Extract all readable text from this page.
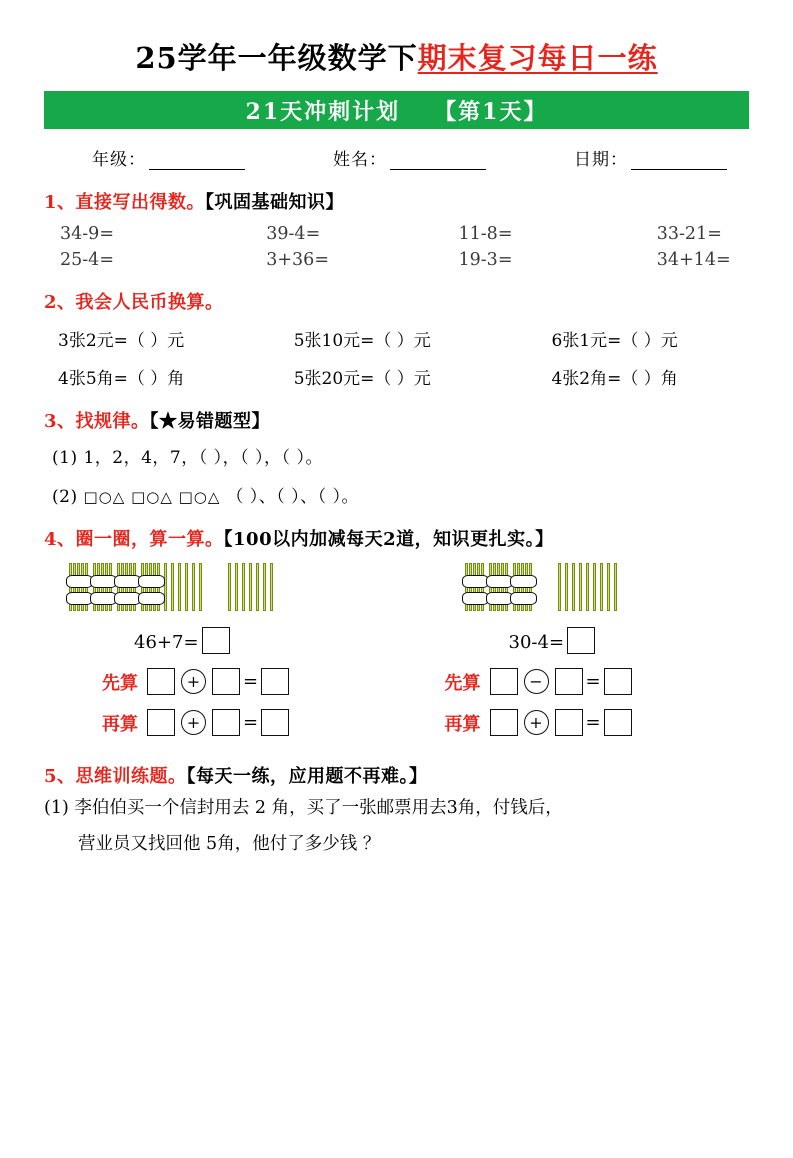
25学年一年级数学下 期末复习每日一练
21天冲刺计划 【第1天】
年级：	姓名：	日期：
1、直接写出得数。【巩固基础知识】
34-9=	39-4=	11-8=	33-21=
25-4=	3+36=	19-3=	34+14=
2、我会人民币换算。
3张2元=（ ）元	5张10元=（ ）元	6张1元=（ ）元
4张5角=（ ）角	5张20元=（ ）元	4张2角=（ ）角
3、找规律。【★易错题型】
(1) 1，2，4，7，（ ），（ ），（ ）。
(2) □○△ □○△ □○△ （ ）、（ ）、（ ）。
4、圈一圈，算一算。【100以内加减每天2道，知识更扎实。】
46+7=	30-4=
先算	+ =	先算	− =
再算	+ =	再算	+ =
5、思维训练题。【每天一练，应用题不再难。】

(1) 李伯伯买一个信封用去 2 角，买了一张邮票用去3角，付钱后，

营业员又找回他 5角，他付了多少钱 ？
